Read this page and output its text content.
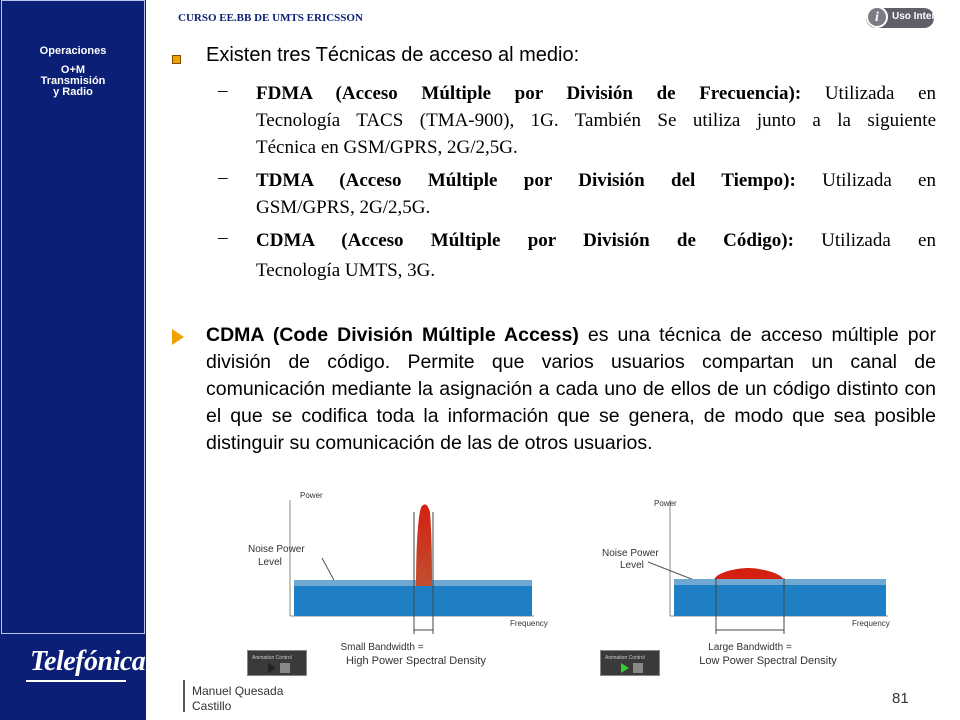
Operaciones
O+M
Transmisión
y Radio
Telefónica
CURSO EE.BB DE UMTS ERICSSON	i	Uso Interno
Existen tres Técnicas de acceso al medio:
– FDMA (Acceso Múltiple por División de Frecuencia): Utilizada en
Tecnología TACS (TMA-900), 1G. También Se utiliza junto a la siguiente
Técnica en GSM/GPRS, 2G/2,5G.
– TDMA (Acceso Múltiple por División del Tiempo): Utilizada en
GSM/GPRS, 2G/2,5G.
– CDMA (Acceso Múltiple por División de Código): Utilizada en
Tecnología UMTS, 3G.
CDMA (Code División Múltiple Access) es una técnica de acceso múltiple por división de código. Permite que varios usuarios compartan un canal de comunicación mediante la asignación a cada uno de ellos de un código distinto con el que se codifica toda la información que se genera, de modo que sea posible distinguir su comunicación de las de otros usuarios.
Power
Frequency
Noise Power
Level
Small Bandwidth =
High Power Spectral Density
Animation Control
Power
Frequency
Noise Power
Level
Large Bandwidth =
Low Power Spectral Density
Animation Control
Manuel Quesada
Castillo	81
